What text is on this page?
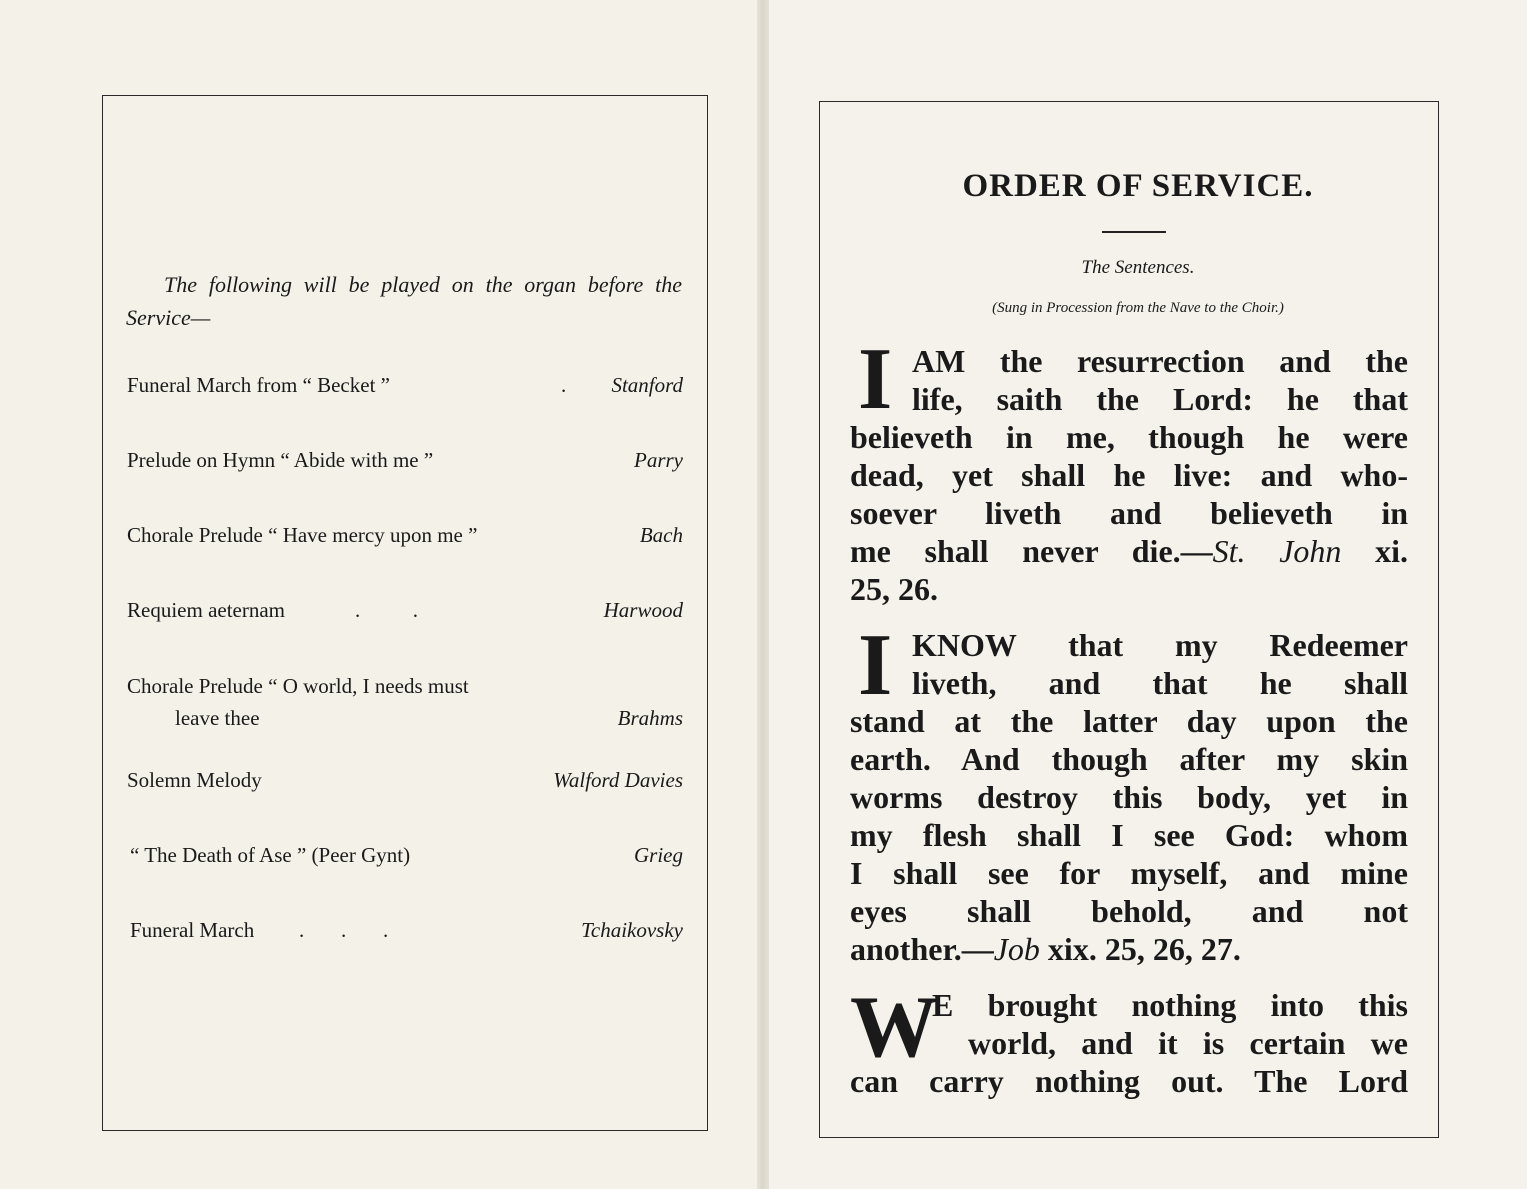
The following will be played on the organ before the Service—
Funeral March from “ Becket ”	. Stanford
Prelude on Hymn “ Abide with me ”	Parry
Chorale Prelude “ Have mercy upon me ”	Bach
Requiem aeternam	.          .	Harwood
Chorale Prelude “ O world, I needs must
leave thee	Brahms
Solemn Melody	Walford Davies
“ The Death of Ase ” (Peer Gynt)	Grieg
Funeral March .       .       .	Tchaikovsky
ORDER OF SERVICE.
The Sentences.
(Sung in Procession from the Nave to the Choir.)
I AM the resurrection and the
life, saith the Lord: he that
believeth in me, though he were
dead, yet shall he live: and who-
soever liveth and believeth in
me shall never die.—St. John xi.
25, 26.
I KNOW that my Redeemer
liveth, and that he shall
stand at the latter day upon the
earth. And though after my skin
worms destroy this body, yet in
my flesh shall I see God: whom
I shall see for myself, and mine
eyes shall behold, and not
another.—Job xix. 25, 26, 27.
W
E brought nothing into this
world, and it is certain we
can carry nothing out. The Lord
